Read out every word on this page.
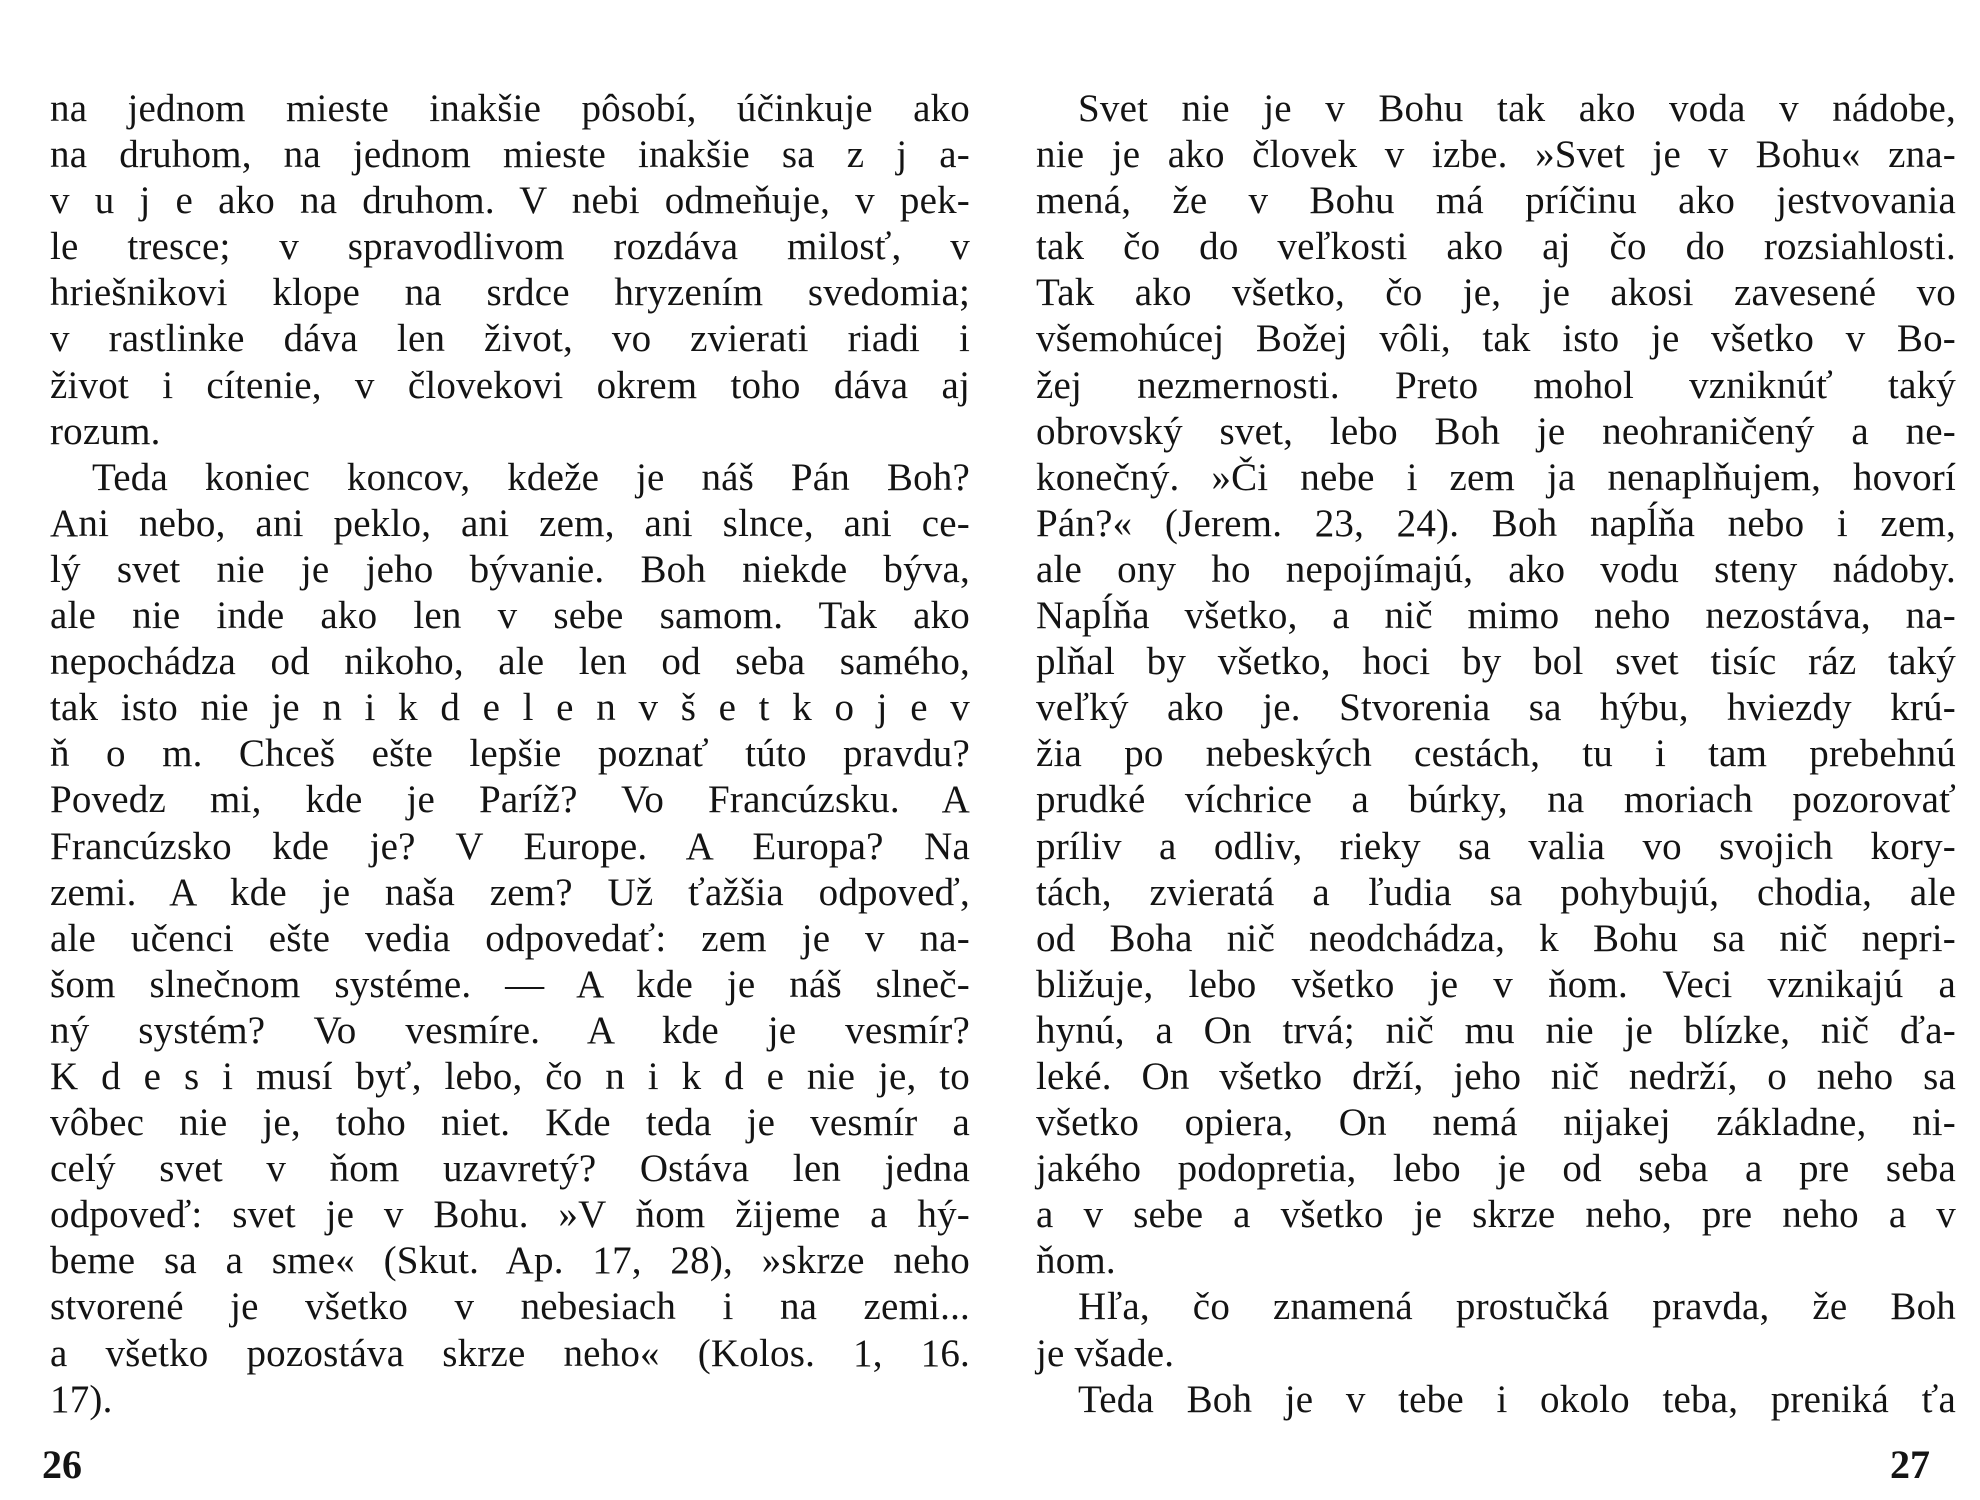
na jednom mieste inakšie pôsobí, účinkuje ako
na druhom, na jednom mieste inakšie sa z j a-
v u j e ako na druhom. V nebi odmeňuje, v pek-
le tresce; v spravodlivom rozdáva milosť, v
hriešnikovi klope na srdce hryzením svedomia;
v rastlinke dáva len život, vo zvierati riadi i
život i cítenie, v človekovi okrem toho dáva aj
rozum.
Teda koniec koncov, kdeže je náš Pán Boh?
Ani nebo, ani peklo, ani zem, ani slnce, ani ce-
lý svet nie je jeho bývanie. Boh niekde býva,
ale nie inde ako len v sebe samom. Tak ako
nepochádza od nikoho, ale len od seba samého,
tak isto nie je n i k d e l e n v š e t k o j e v
ň o m. Chceš ešte lepšie poznať túto pravdu?
Povedz mi, kde je Paríž? Vo Francúzsku. A
Francúzsko kde je? V Europe. A Europa? Na
zemi. A kde je naša zem? Už ťažšia odpoveď,
ale učenci ešte vedia odpovedať: zem je v na-
šom slnečnom systéme. — A kde je náš slneč-
ný systém? Vo vesmíre. A kde je vesmír?
K d e s i musí byť, lebo, čo n i k d e nie je, to
vôbec nie je, toho niet. Kde teda je vesmír a
celý svet v ňom uzavretý? Ostáva len jedna
odpoveď: svet je v Bohu. »V ňom žijeme a hý-
beme sa a sme« (Skut. Ap. 17, 28), »skrze neho
stvorené je všetko v nebesiach i na zemi...
a všetko pozostáva skrze neho« (Kolos. 1, 16.
17).
Svet nie je v Bohu tak ako voda v nádobe,
nie je ako človek v izbe. »Svet je v Bohu« zna-
mená, že v Bohu má príčinu ako jestvovania
tak čo do veľkosti ako aj čo do rozsiahlosti.
Tak ako všetko, čo je, je akosi zavesené vo
všemohúcej Božej vôli, tak isto je všetko v Bo-
žej nezmernosti. Preto mohol vzniknúť taký
obrovský svet, lebo Boh je neohraničený a ne-
konečný. »Či nebe i zem ja nenaplňujem, hovorí
Pán?« (Jerem. 23, 24). Boh napĺňa nebo i zem,
ale ony ho nepojímajú, ako vodu steny nádoby.
Napĺňa všetko, a nič mimo neho nezostáva, na-
plňal by všetko, hoci by bol svet tisíc ráz taký
veľký ako je. Stvorenia sa hýbu, hviezdy krú-
žia po nebeských cestách, tu i tam prebehnú
prudké víchrice a búrky, na moriach pozorovať
príliv a odliv, rieky sa valia vo svojich kory-
tách, zvieratá a ľudia sa pohybujú, chodia, ale
od Boha nič neodchádza, k Bohu sa nič nepri-
bližuje, lebo všetko je v ňom. Veci vznikajú a
hynú, a On trvá; nič mu nie je blízke, nič ďa-
leké. On všetko drží, jeho nič nedrží, o neho sa
všetko opiera, On nemá nijakej základne, ni-
jakého podopretia, lebo je od seba a pre seba
a v sebe a všetko je skrze neho, pre neho a v
ňom.
Hľa, čo znamená prostučká pravda, že Boh
je všade.
Teda Boh je v tebe i okolo teba, preniká ťa
26	27
